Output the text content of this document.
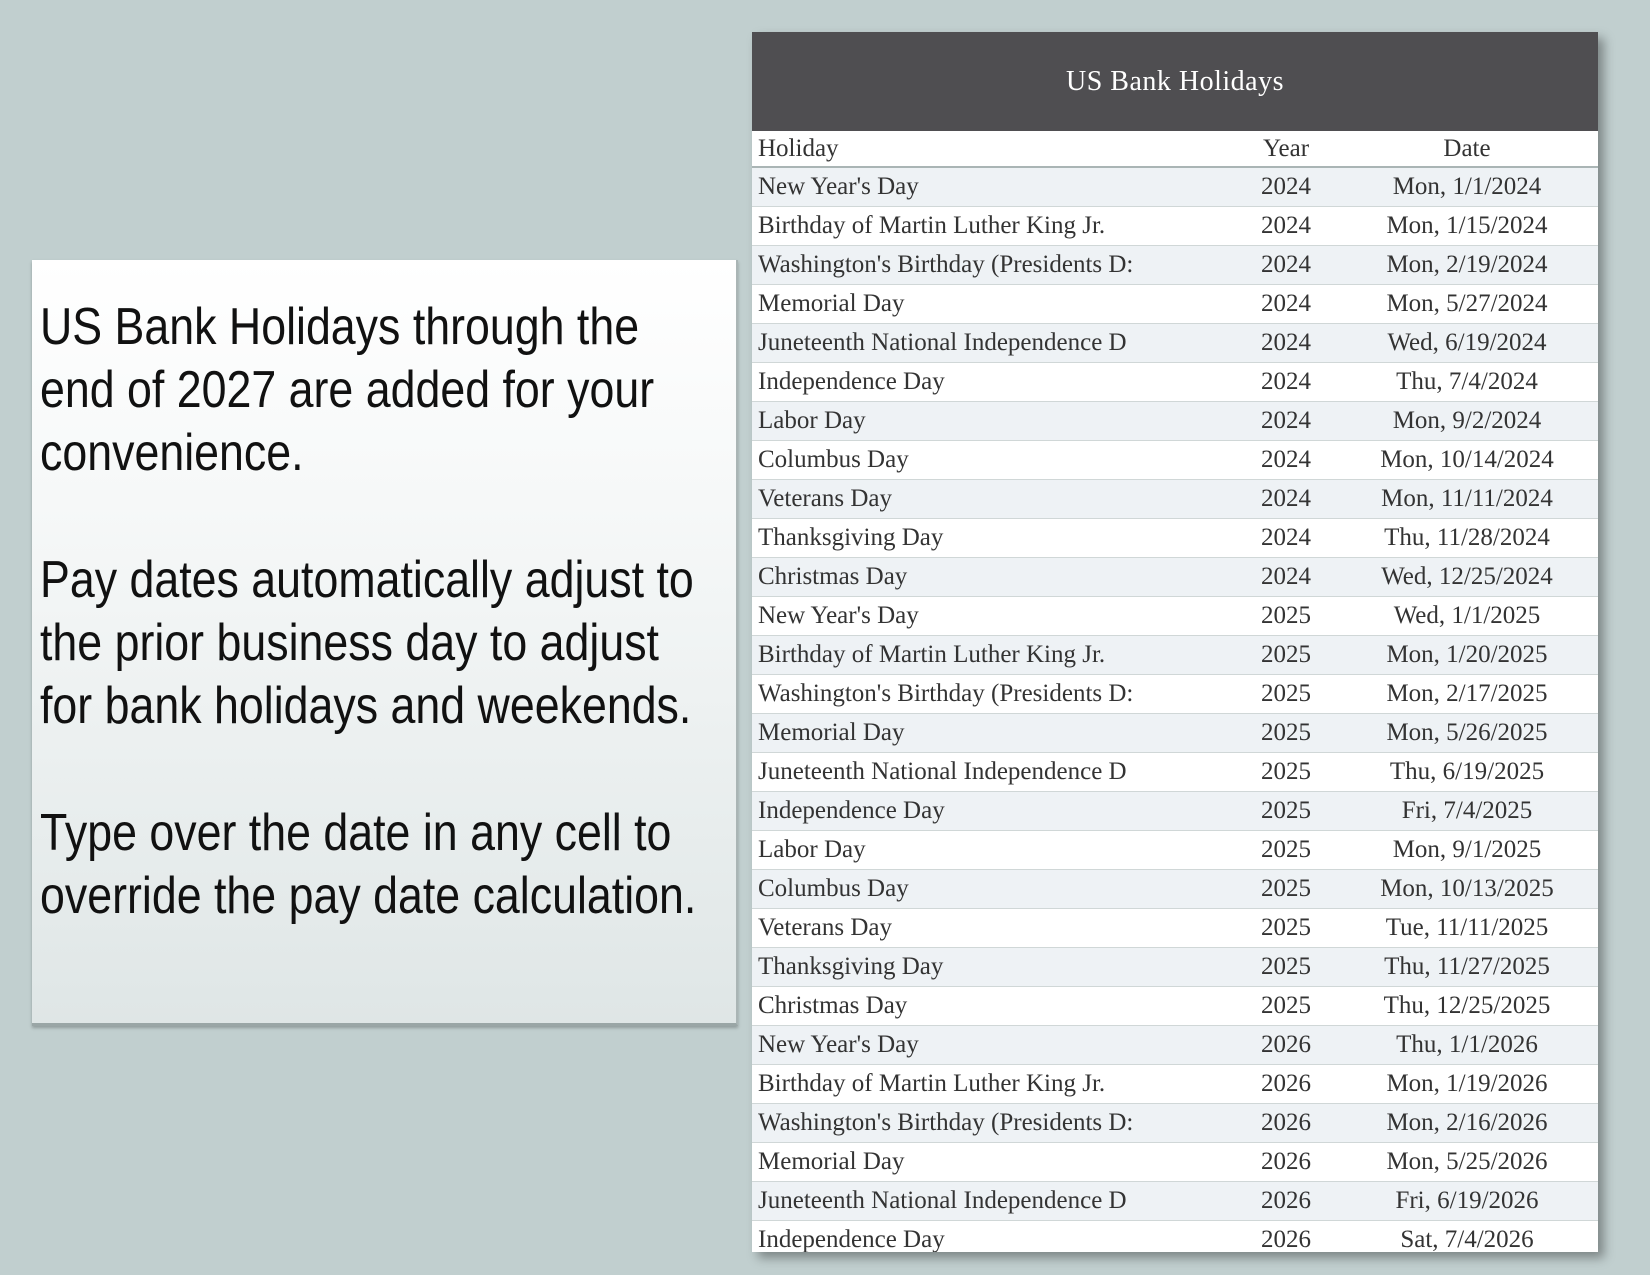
US Bank Holidays through the
end of 2027 are added for your
convenience.

Pay dates automatically adjust to
the prior business day to adjust
for bank holidays and weekends.

Type over the date in any cell to
override the pay date calculation.

US Bank Holidays
Holiday	Year	Date
New Year's Day	2024	Mon, 1/1/2024
Birthday of Martin Luther King Jr.	2024	Mon, 1/15/2024
Washington's Birthday (Presidents D:	2024	Mon, 2/19/2024
Memorial Day	2024	Mon, 5/27/2024
Juneteenth National Independence D	2024	Wed, 6/19/2024
Independence Day	2024	Thu, 7/4/2024
Labor Day	2024	Mon, 9/2/2024
Columbus Day	2024	Mon, 10/14/2024
Veterans Day	2024	Mon, 11/11/2024
Thanksgiving Day	2024	Thu, 11/28/2024
Christmas Day	2024	Wed, 12/25/2024
New Year's Day	2025	Wed, 1/1/2025
Birthday of Martin Luther King Jr.	2025	Mon, 1/20/2025
Washington's Birthday (Presidents D:	2025	Mon, 2/17/2025
Memorial Day	2025	Mon, 5/26/2025
Juneteenth National Independence D	2025	Thu, 6/19/2025
Independence Day	2025	Fri, 7/4/2025
Labor Day	2025	Mon, 9/1/2025
Columbus Day	2025	Mon, 10/13/2025
Veterans Day	2025	Tue, 11/11/2025
Thanksgiving Day	2025	Thu, 11/27/2025
Christmas Day	2025	Thu, 12/25/2025
New Year's Day	2026	Thu, 1/1/2026
Birthday of Martin Luther King Jr.	2026	Mon, 1/19/2026
Washington's Birthday (Presidents D:	2026	Mon, 2/16/2026
Memorial Day	2026	Mon, 5/25/2026
Juneteenth National Independence D	2026	Fri, 6/19/2026
Independence Day	2026	Sat, 7/4/2026
